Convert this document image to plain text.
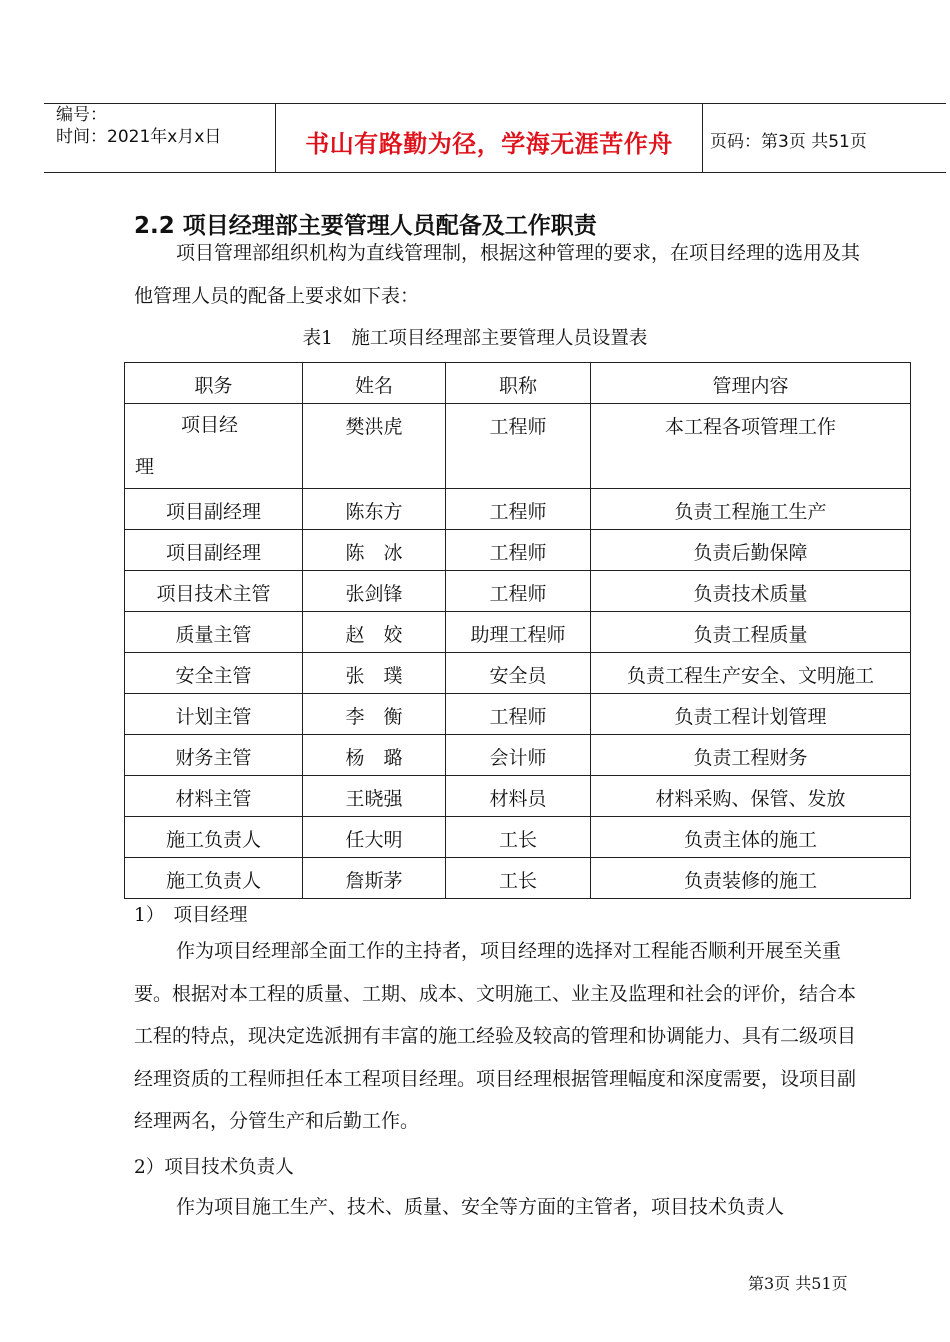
编号：
时间：2021年x月x日	书山有路勤为径，学海无涯苦作舟	页码：第3页 共51页
2.2 项目经理部主要管理人员配备及工作职责
项目管理部组织机构为直线管理制，根据这种管理的要求，在项目经理的选用及其他管理人员的配备上要求如下表：
表1　施工项目经理部主要管理人员设置表
职务	姓名	职称	管理内容

项目经
理	樊洪虎	工程师	本工程各项管理工作
项目副经理	陈东方	工程师	负责工程施工生产
项目副经理	陈　冰	工程师	负责后勤保障
项目技术主管	张剑锋	工程师	负责技术质量
质量主管	赵　姣	助理工程师	负责工程质量
安全主管	张　璞	安全员	负责工程生产安全、文明施工
计划主管	李　衡	工程师	负责工程计划管理
财务主管	杨　璐	会计师	负责工程财务
材料主管	王晓强	材料员	材料采购、保管、发放
施工负责人	任大明	工长	负责主体的施工
施工负责人	詹斯茅	工长	负责装修的施工
1）　项目经理
作为项目经理部全面工作的主持者，项目经理的选择对工程能否顺利开展至关重要。根据对本工程的质量、工期、成本、文明施工、业主及监理和社会的评价，结合本工程的特点，现决定选派拥有丰富的施工经验及较高的管理和协调能力、具有二级项目经理资质的工程师担任本工程项目经理。项目经理根据管理幅度和深度需要，设项目副经理两名，分管生产和后勤工作。
2）项目技术负责人
作为项目施工生产、技术、质量、安全等方面的主管者，项目技术负责人
第3页 共51页
